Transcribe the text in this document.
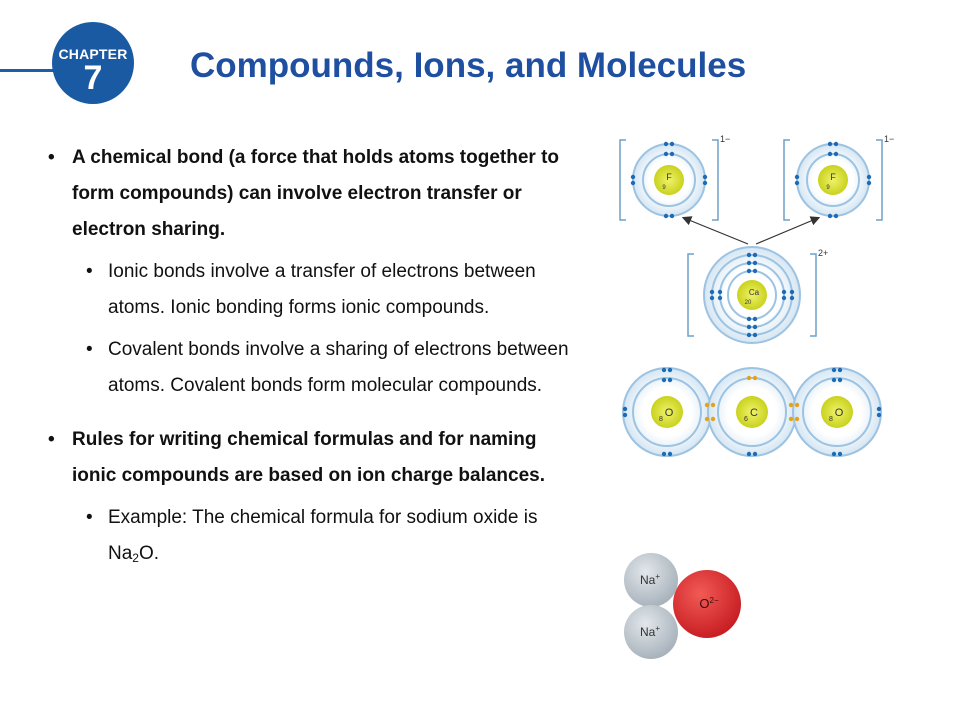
CHAPTER
7	Compounds, Ions, and Molecules
• A chemical bond (a force that holds atoms together to form compounds) can involve electron transfer or electron sharing.
• Ionic bonds involve a transfer of electrons between atoms. Ionic bonding forms ionic compounds.
• Covalent bonds involve a sharing of electrons between atoms. Covalent bonds form molecular compounds.
• Rules for writing chemical formulas and for naming ionic compounds are based on ion charge balances.
• Example: The chemical formula for sodium oxide is $Na_2O$.
F
9
1−
F
9
1−
Ca
20
2+
O
8
C
6
O
8
Na+
Na+
$O^{2-}$
